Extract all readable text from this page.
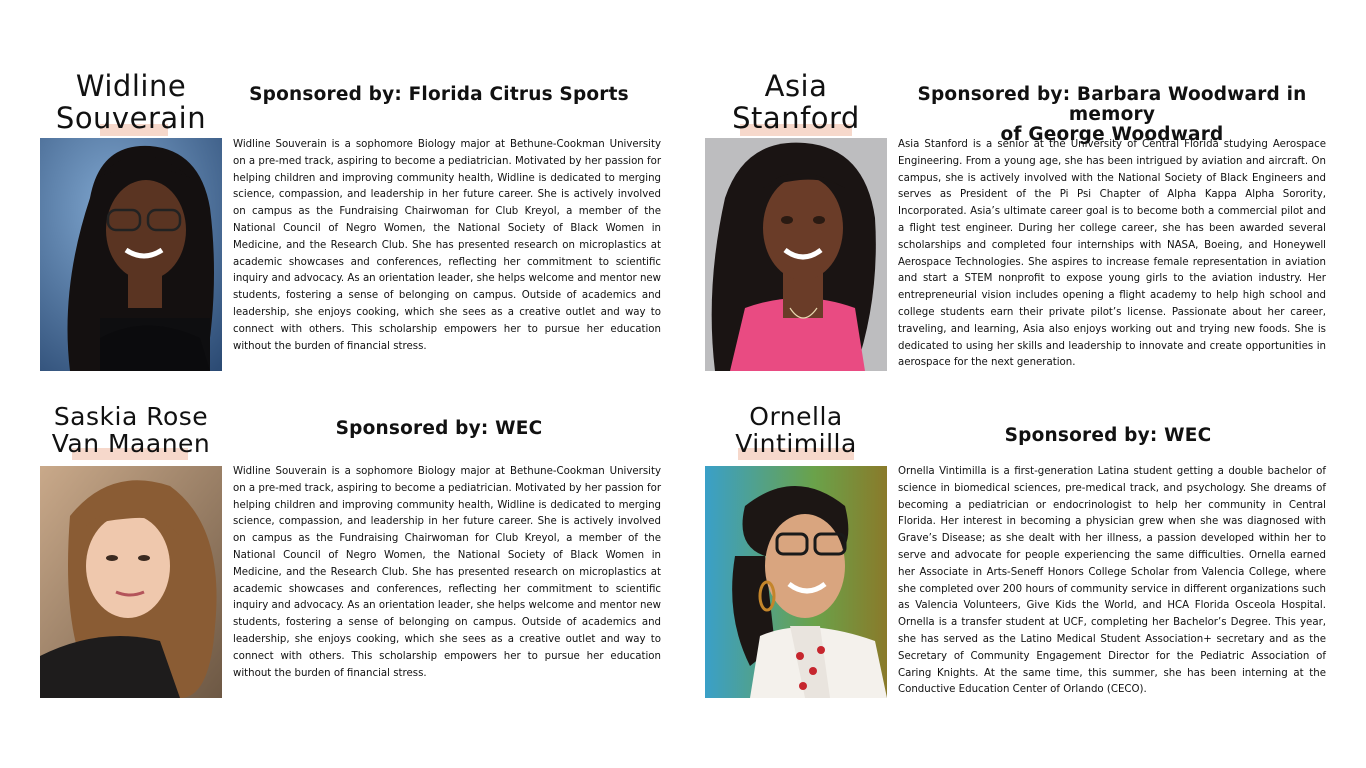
Widline
Souverain
Sponsored by: Florida Citrus Sports

Widline Souverain is a sophomore Biology major at Bethune-Cookman University on a pre-med track, aspiring to become a pediatrician. Motivated by her passion for helping children and improving community health, Widline is dedicated to merging science, compassion, and leadership in her future career. She is actively involved on campus as the Fundraising Chairwoman for Club Kreyol, a member of the National Council of Negro Women, the National Society of Black Women in Medicine, and the Research Club. She has presented research on microplastics at academic showcases and conferences, reflecting her commitment to scientific inquiry and advocacy. As an orientation leader, she helps welcome and mentor new students, fostering a sense of belonging on campus. Outside of academics and leadership, she enjoys cooking, which she sees as a creative outlet and way to connect with others. This scholarship empowers her to pursue her education without the burden of financial stress.

Asia
Stanford
Sponsored by: Barbara Woodward in memory
of George Woodward

Asia Stanford is a senior at the University of Central Florida studying Aerospace Engineering. From a young age, she has been intrigued by aviation and aircraft. On campus, she is actively involved with the National Society of Black Engineers and serves as President of the Pi Psi Chapter of Alpha Kappa Alpha Sorority, Incorporated. Asia’s ultimate career goal is to become both a commercial pilot and a flight test engineer. During her college career, she has been awarded several scholarships and completed four internships with NASA, Boeing, and Honeywell Aerospace Technologies. She aspires to increase female representation in aviation and start a STEM nonprofit to expose young girls to the aviation industry. Her entrepreneurial vision includes opening a flight academy to help high school and college students earn their private pilot’s license. Passionate about her career, traveling, and learning, Asia also enjoys working out and trying new foods. She is dedicated to using her skills and leadership to innovate and create opportunities in aerospace for the next generation.

Saskia Rose
Van Maanen
Sponsored by: WEC

Widline Souverain is a sophomore Biology major at Bethune-Cookman University on a pre-med track, aspiring to become a pediatrician. Motivated by her passion for helping children and improving community health, Widline is dedicated to merging science, compassion, and leadership in her future career. She is actively involved on campus as the Fundraising Chairwoman for Club Kreyol, a member of the National Council of Negro Women, the National Society of Black Women in Medicine, and the Research Club. She has presented research on microplastics at academic showcases and conferences, reflecting her commitment to scientific inquiry and advocacy. As an orientation leader, she helps welcome and mentor new students, fostering a sense of belonging on campus. Outside of academics and leadership, she enjoys cooking, which she sees as a creative outlet and way to connect with others. This scholarship empowers her to pursue her education without the burden of financial stress.

Ornella
Vintimilla	Sponsored by: WEC

Ornella Vintimilla is a first-generation Latina student getting a double bachelor of science in biomedical sciences, pre-medical track, and psychology. She dreams of becoming a pediatrician or endocrinologist to help her community in Central Florida. Her interest in becoming a physician grew when she was diagnosed with Grave’s Disease; as she dealt with her illness, a passion developed within her to serve and advocate for people experiencing the same difficulties. Ornella earned her Associate in Arts-Seneff Honors College Scholar from Valencia College, where she completed over 200 hours of community service in different organizations such as Valencia Volunteers, Give Kids the World, and HCA Florida Osceola Hospital. Ornella is a transfer student at UCF, completing her Bachelor’s Degree. This year, she has served as the Latino Medical Student Association+ secretary and as the Secretary of Community Engagement Director for the Pediatric Association of Caring Knights. At the same time, this summer, she has been interning at the Conductive Education Center of Orlando (CECO).
